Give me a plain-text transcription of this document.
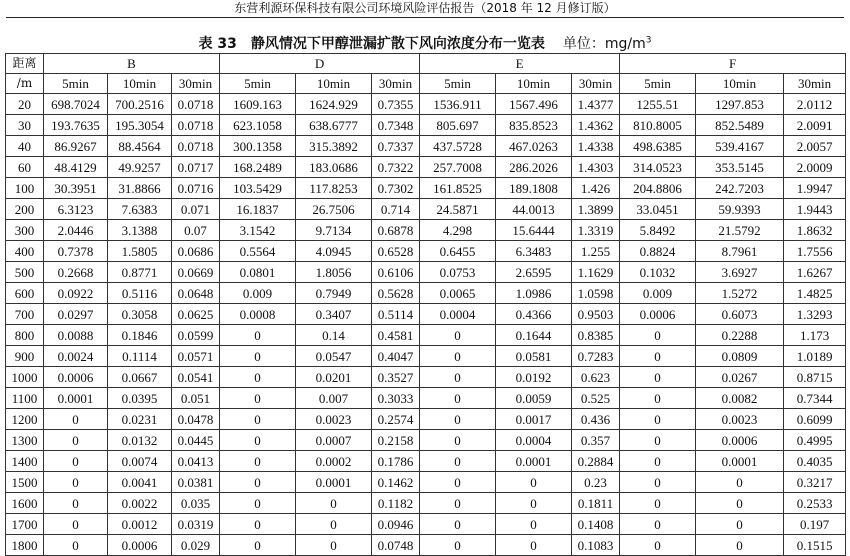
东营利源环保科技有限公司环境风险评估报告（2018 年 12 月修订版）
表 33　静风情况下甲醇泄漏扩散下风向浓度分布一览表 单位：$mg/m^3$
距离	B			D			E			F		
/m	5min	10min	30min	5min	10min	30min	5min	10min	30min	5min	10min	30min
20	698.7024	700.2516	0.0718	1609.163	1624.929	0.7355	1536.911	1567.496	1.4377	1255.51	1297.853	2.0112
30	193.7635	195.3054	0.0718	623.1058	638.6777	0.7348	805.697	835.8523	1.4362	810.8005	852.5489	2.0091
40	86.9267	88.4564	0.0718	300.1358	315.3892	0.7337	437.5728	467.0263	1.4338	498.6385	539.4167	2.0057
60	48.4129	49.9257	0.0717	168.2489	183.0686	0.7322	257.7008	286.2026	1.4303	314.0523	353.5145	2.0009
100	30.3951	31.8866	0.0716	103.5429	117.8253	0.7302	161.8525	189.1808	1.426	204.8806	242.7203	1.9947
200	6.3123	7.6383	0.071	16.1837	26.7506	0.714	24.5871	44.0013	1.3899	33.0451	59.9393	1.9443
300	2.0446	3.1388	0.07	3.1542	9.7134	0.6878	4.298	15.6444	1.3319	5.8492	21.5792	1.8632
400	0.7378	1.5805	0.0686	0.5564	4.0945	0.6528	0.6455	6.3483	1.255	0.8824	8.7961	1.7556
500	0.2668	0.8771	0.0669	0.0801	1.8056	0.6106	0.0753	2.6595	1.1629	0.1032	3.6927	1.6267
600	0.0922	0.5116	0.0648	0.009	0.7949	0.5628	0.0065	1.0986	1.0598	0.009	1.5272	1.4825
700	0.0297	0.3058	0.0625	0.0008	0.3407	0.5114	0.0004	0.4366	0.9503	0.0006	0.6073	1.3293
800	0.0088	0.1846	0.0599	0	0.14	0.4581	0	0.1644	0.8385	0	0.2288	1.173
900	0.0024	0.1114	0.0571	0	0.0547	0.4047	0	0.0581	0.7283	0	0.0809	1.0189
1000	0.0006	0.0667	0.0541	0	0.0201	0.3527	0	0.0192	0.623	0	0.0267	0.8715
1100	0.0001	0.0395	0.051	0	0.007	0.3033	0	0.0059	0.525	0	0.0082	0.7344
1200	0	0.0231	0.0478	0	0.0023	0.2574	0	0.0017	0.436	0	0.0023	0.6099
1300	0	0.0132	0.0445	0	0.0007	0.2158	0	0.0004	0.357	0	0.0006	0.4995
1400	0	0.0074	0.0413	0	0.0002	0.1786	0	0.0001	0.2884	0	0.0001	0.4035
1500	0	0.0041	0.0381	0	0.0001	0.1462	0	0	0.23	0	0	0.3217
1600	0	0.0022	0.035	0	0	0.1182	0	0	0.1811	0	0	0.2533
1700	0	0.0012	0.0319	0	0	0.0946	0	0	0.1408	0	0	0.197
1800	0	0.0006	0.029	0	0	0.0748	0	0	0.1083	0	0	0.1515
